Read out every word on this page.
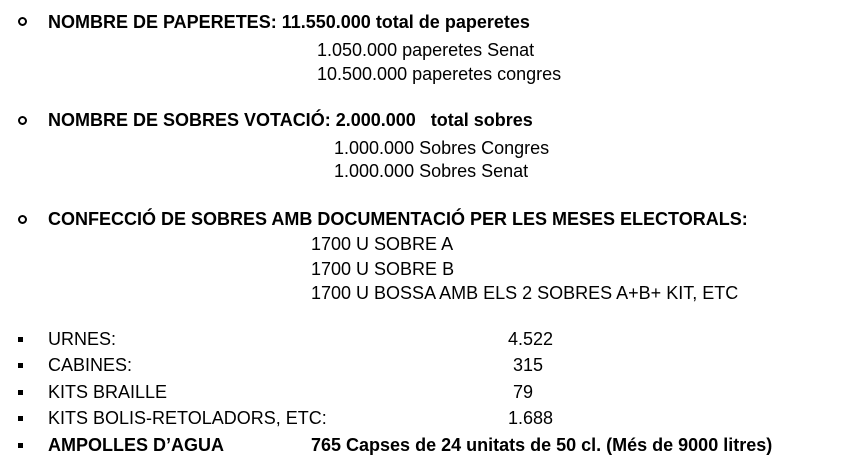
NOMBRE DE PAPERETES: 11.550.000 total de paperetes
1.050.000 paperetes Senat
10.500.000 paperetes congres
NOMBRE DE SOBRES VOTACIÓ: 2.000.000   total sobres
1.000.000 Sobres Congres
1.000.000 Sobres Senat
CONFECCIÓ DE SOBRES AMB DOCUMENTACIÓ PER LES MESES ELECTORALS:
1700 U SOBRE A
1700 U SOBRE B
1700 U BOSSA AMB ELS 2 SOBRES A+B+ KIT, ETC
URNES:	4.522
CABINES:	315
KITS BRAILLE	79
KITS BOLIS-RETOLADORS, ETC:	1.688
AMPOLLES D’AGUA	765 Capses de 24 unitats de 50 cl. (Més de 9000 litres)
